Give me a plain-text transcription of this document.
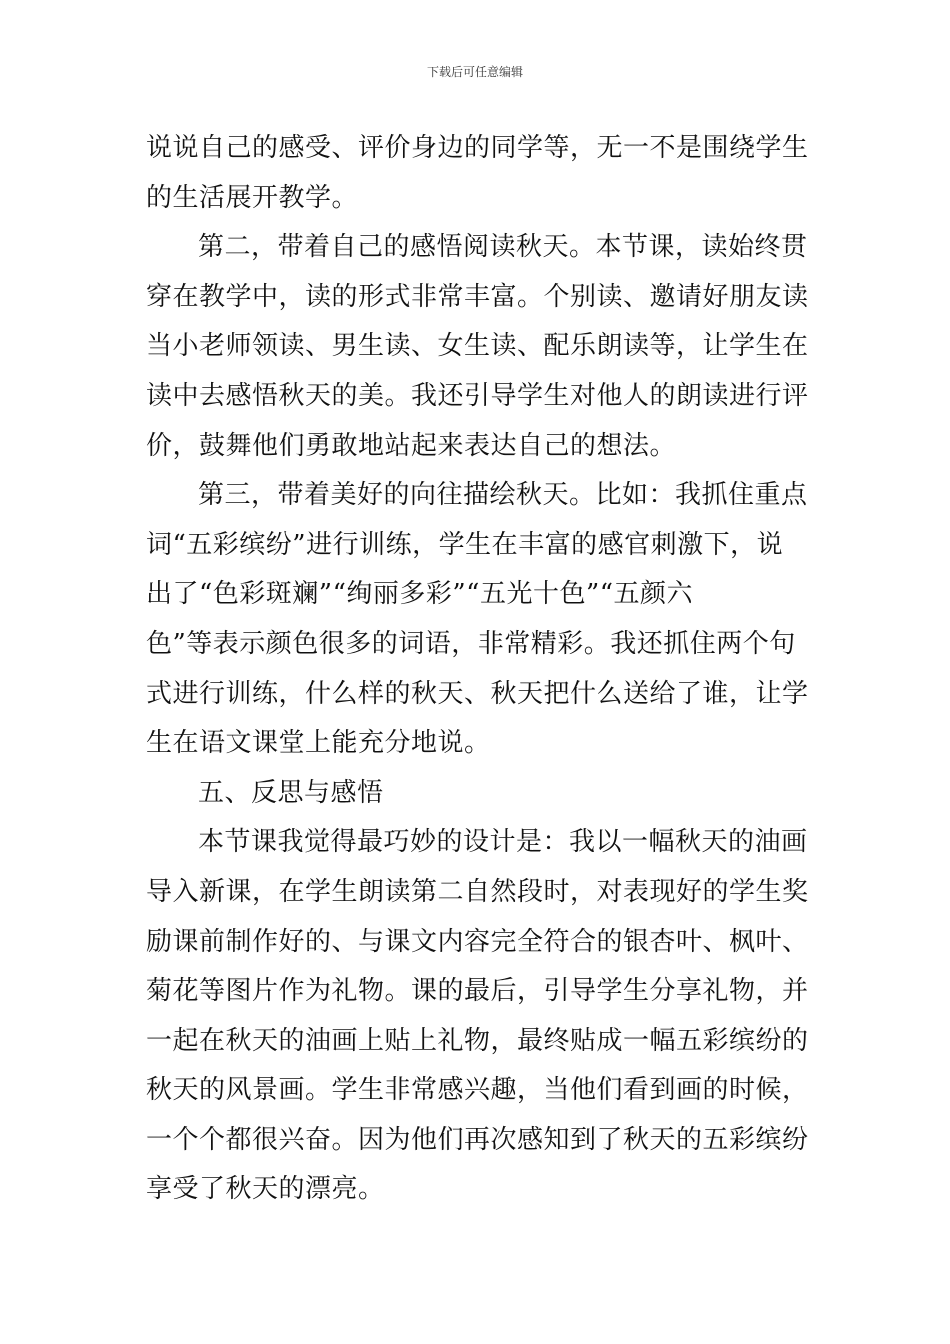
下载后可任意编辑
说说自己的感受、评价身边的同学等，无一不是围绕学生
的生活展开教学。
第二，带着自己的感悟阅读秋天。本节课，读始终贯
穿在教学中，读的形式非常丰富。个别读、邀请好朋友读
当小老师领读、男生读、女生读、配乐朗读等，让学生在
读中去感悟秋天的美。我还引导学生对他人的朗读进行评
价，鼓舞他们勇敢地站起来表达自己的想法。
第三，带着美好的向往描绘秋天。比如：我抓住重点
词“五彩缤纷”进行训练，学生在丰富的感官刺激下，说
出了“色彩斑斓”“绚丽多彩”“五光十色”“五颜六
色”等表示颜色很多的词语，非常精彩。我还抓住两个句
式进行训练，什么样的秋天、秋天把什么送给了谁，让学
生在语文课堂上能充分地说。
五、反思与感悟
本节课我觉得最巧妙的设计是：我以一幅秋天的油画
导入新课，在学生朗读第二自然段时，对表现好的学生奖
励课前制作好的、与课文内容完全符合的银杏叶、枫叶、
菊花等图片作为礼物。课的最后，引导学生分享礼物，并
一起在秋天的油画上贴上礼物，最终贴成一幅五彩缤纷的
秋天的风景画。学生非常感兴趣，当他们看到画的时候，
一个个都很兴奋。因为他们再次感知到了秋天的五彩缤纷
享受了秋天的漂亮。
